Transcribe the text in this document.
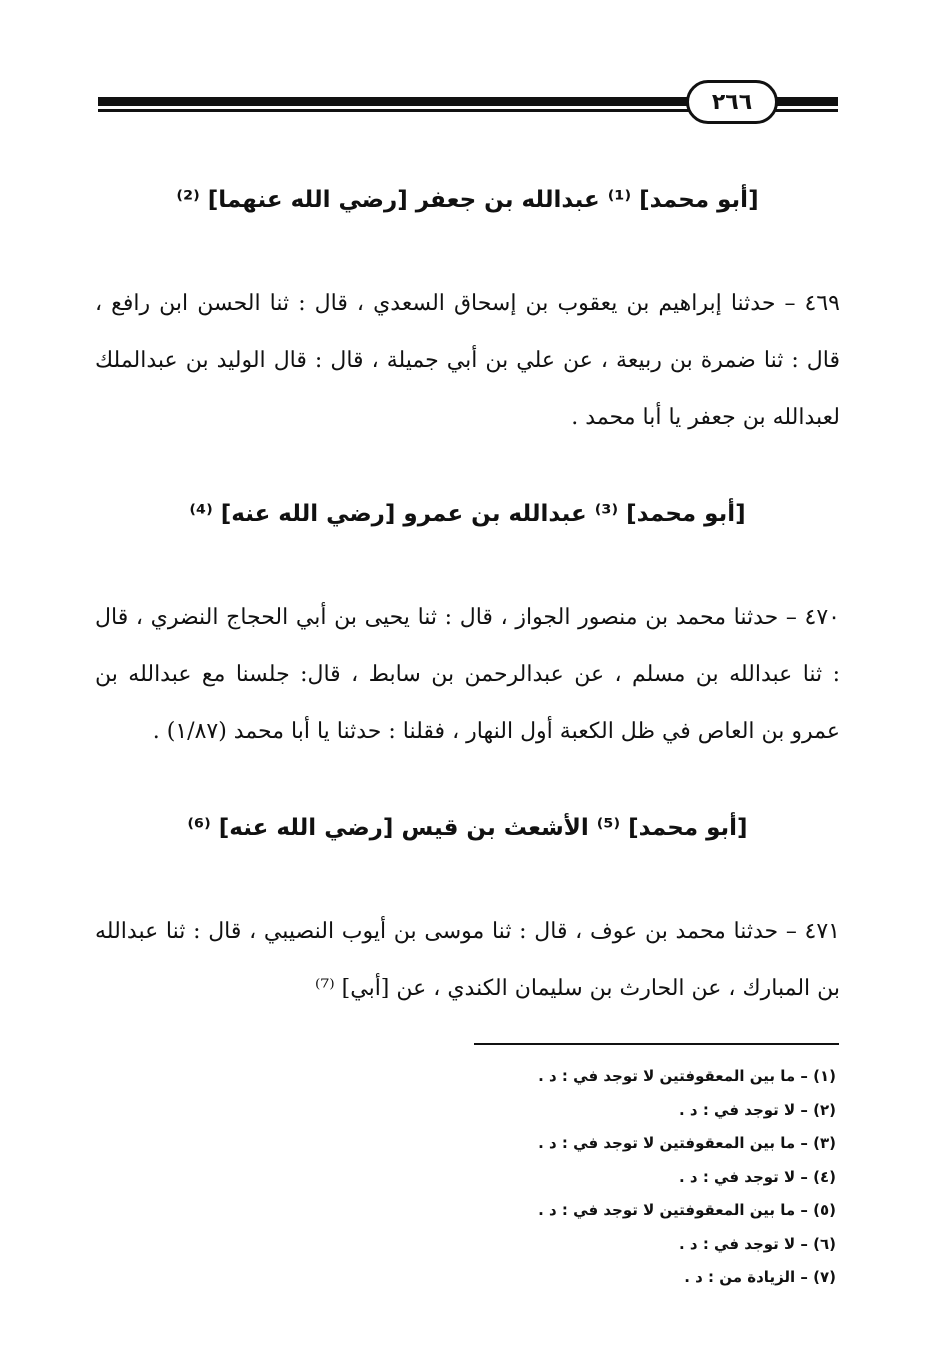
٢٦٦
[أبو محمد] ⁽¹⁾ عبدالله بن جعفر [رضي الله عنهما] ⁽²⁾
٤٦٩ – حدثنا إبراهيم بن يعقوب بن إسحاق السعدي ، قال : ثنا الحسن ابن رافع ، قال : ثنا ضمرة بن ربيعة ، عن علي بن أبي جميلة ، قال : قال الوليد بن عبدالملك لعبدالله بن جعفر يا أبا محمد .
[أبو محمد] ⁽³⁾ عبدالله بن عمرو [رضي الله عنه] ⁽⁴⁾
٤٧٠ – حدثنا محمد بن منصور الجواز ، قال : ثنا يحيى بن أبي الحجاج النضري ، قال : ثنا عبدالله بن مسلم ، عن عبدالرحمن بن سابط ، قال: جلسنا مع عبدالله بن عمرو بن العاص في ظل الكعبة أول النهار ، فقلنا : حدثنا يا أبا محمد (١/٨٧) .
[أبو محمد] ⁽⁵⁾ الأشعث بن قيس [رضي الله عنه] ⁽⁶⁾
٤٧١ – حدثنا محمد بن عوف ، قال : ثنا موسى بن أيوب النصيبي ، قال : ثنا عبدالله بن المبارك ، عن الحارث بن سليمان الكندي ، عن [أبي] ⁽⁷⁾
(١) – ما بين المعقوفتين لا توجد في : د .
(٢) – لا توجد في : د .
(٣) – ما بين المعقوفتين لا توجد في : د .
(٤) – لا توجد في : د .
(٥) – ما بين المعقوفتين لا توجد في : د .
(٦) – لا توجد في : د .
(٧) – الزيادة من : د .
